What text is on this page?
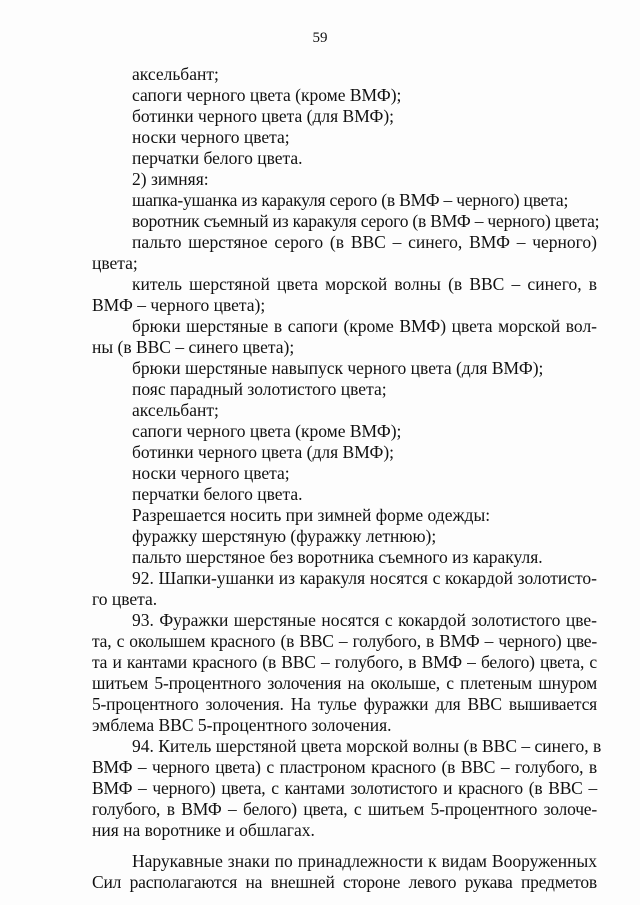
59
аксельбант;
сапоги черного цвета (кроме ВМФ);
ботинки черного цвета (для ВМФ);
носки черного цвета;
перчатки белого цвета.
2) зимняя:
шапка-ушанка из каракуля серого (в ВМФ – черного) цвета;
воротник съемный из каракуля серого (в ВМФ – черного) цвета;
пальто шерстяное серого (в ВВС – синего, ВМФ – черного)
цвета;
китель шерстяной цвета морской волны (в ВВС – синего, в
ВМФ – черного цвета);
брюки шерстяные в сапоги (кроме ВМФ) цвета морской вол-
ны (в ВВС – синего цвета);
брюки шерстяные навыпуск черного цвета (для ВМФ);
пояс парадный золотистого цвета;
аксельбант;
сапоги черного цвета (кроме ВМФ);
ботинки черного цвета (для ВМФ);
носки черного цвета;
перчатки белого цвета.
Разрешается носить при зимней форме одежды:
фуражку шерстяную (фуражку летнюю);
пальто шерстяное без воротника съемного из каракуля.
92. Шапки-ушанки из каракуля носятся с кокардой золотисто-
го цвета.
93. Фуражки шерстяные носятся с кокардой золотистого цве-
та, с околышем красного (в ВВС – голубого, в ВМФ – черного) цве-
та и кантами красного (в ВВС – голубого, в ВМФ – белого) цвета, с
шитьем 5-процентного золочения на околыше, с плетеным шнуром
5-процентного золочения. На тулье фуражки для ВВС вышивается
эмблема ВВС 5-процентного золочения.
94. Китель шерстяной цвета морской волны (в ВВС – синего, в
ВМФ – черного цвета) с пластроном красного (в ВВС – голубого, в
ВМФ – черного) цвета, с кантами золотистого и красного (в ВВС –
голубого, в ВМФ – белого) цвета, с шитьем 5-процентного золоче-
ния на воротнике и обшлагах.
Нарукавные знаки по принадлежности к видам Вооруженных
Сил располагаются на внешней стороне левого рукава предметов
